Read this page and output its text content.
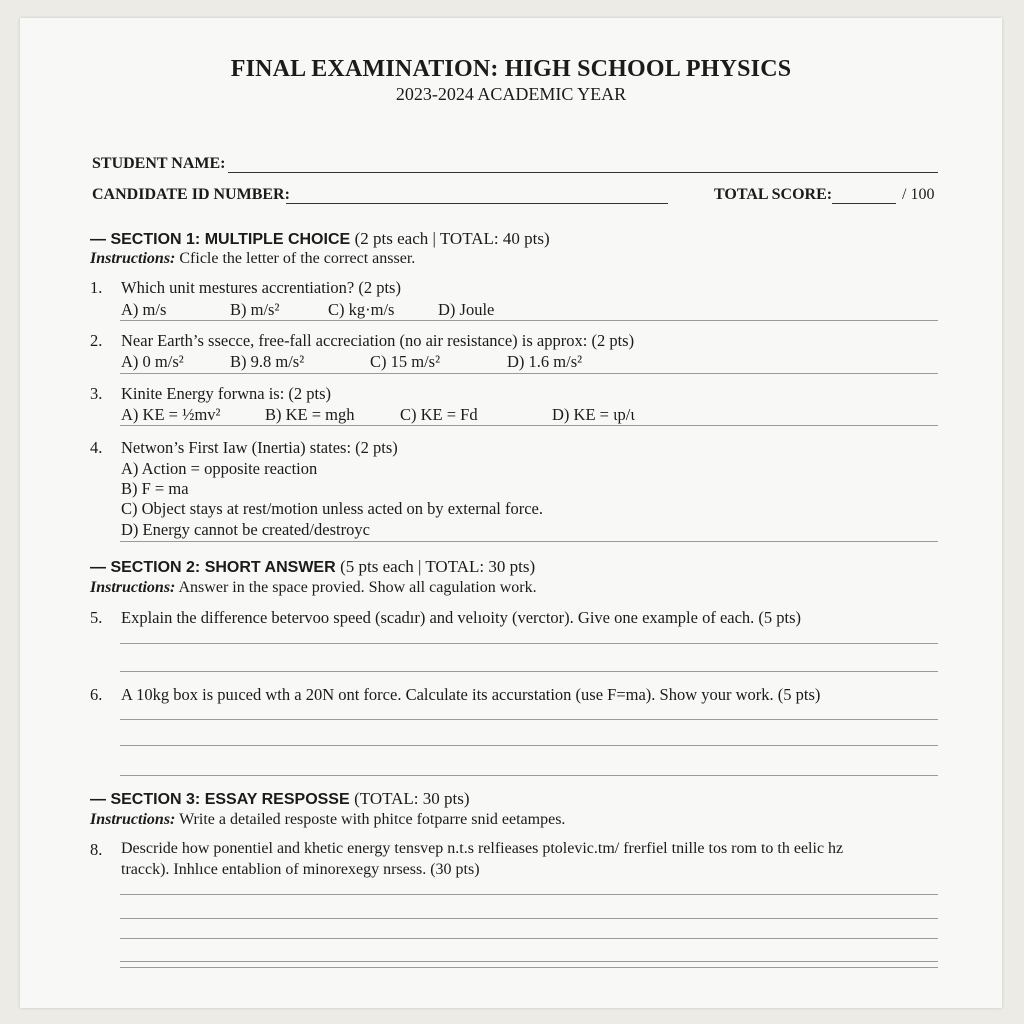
FINAL EXAMINATION: HIGH SCHOOL PHYSICS
2023-2024 ACADEMIC YEAR
STUDENT NAME:
CANDIDATE ID NUMBER:	TOTAL SCORE:	/ 100
— SECTION 1: MULTIPLE CHOICE (2 pts each | TOTAL: 40 pts)
Instructions: Cficle the letter of the correct ansser.
1. Which unit mestures accrentiation? (2 pts)
A) m/s	B) m/s²	C) kg·m/s	D) Joule
2. Near Earth’s ssecce, free-fall accreciation (no air resistance) is approx: (2 pts)
A) 0 m/s²	B) 9.8 m/s²	C) 15 m/s²	D) 1.6 m/s²
3. Kinite Energy forwna is: (2 pts)
A) KE = ½mv²	B) KE = mgh	C) KE = Fd	D) KE = ιp/ι
4. Netwon’s First Iaw (Inertia) states: (2 pts)
A) Action = opposite reaction
B) F = ma
C) Object stays at rest/motion unless acted on by external force.
D) Energy cannot be created/destroyc
— SECTION 2: SHORT ANSWER (5 pts each | TOTAL: 30 pts)
Instructions: Answer in the space provied. Show all cagulation work.
5. Explain the difference betervoo speed (scadır) and velıoity (verctor). Give one example of each. (5 pts)
6. A 10kg box is puıced wth a 20N ont force. Calculate its accurstation (use F=ma). Show your work. (5 pts)
— SECTION 3: ESSAY RESPOSSE (TOTAL: 30 pts)
Instructions: Write a detailed resposte with phitce fotparre snid eetampes.
8. Descride how ponentiel and khetic energy tensvep n.t.s relfieases ptolevic.tm/ frerfiel tnille tos rom to th eelic hz
tracck). Inhlıce entablion of minorexegy nrsess. (30 pts)
